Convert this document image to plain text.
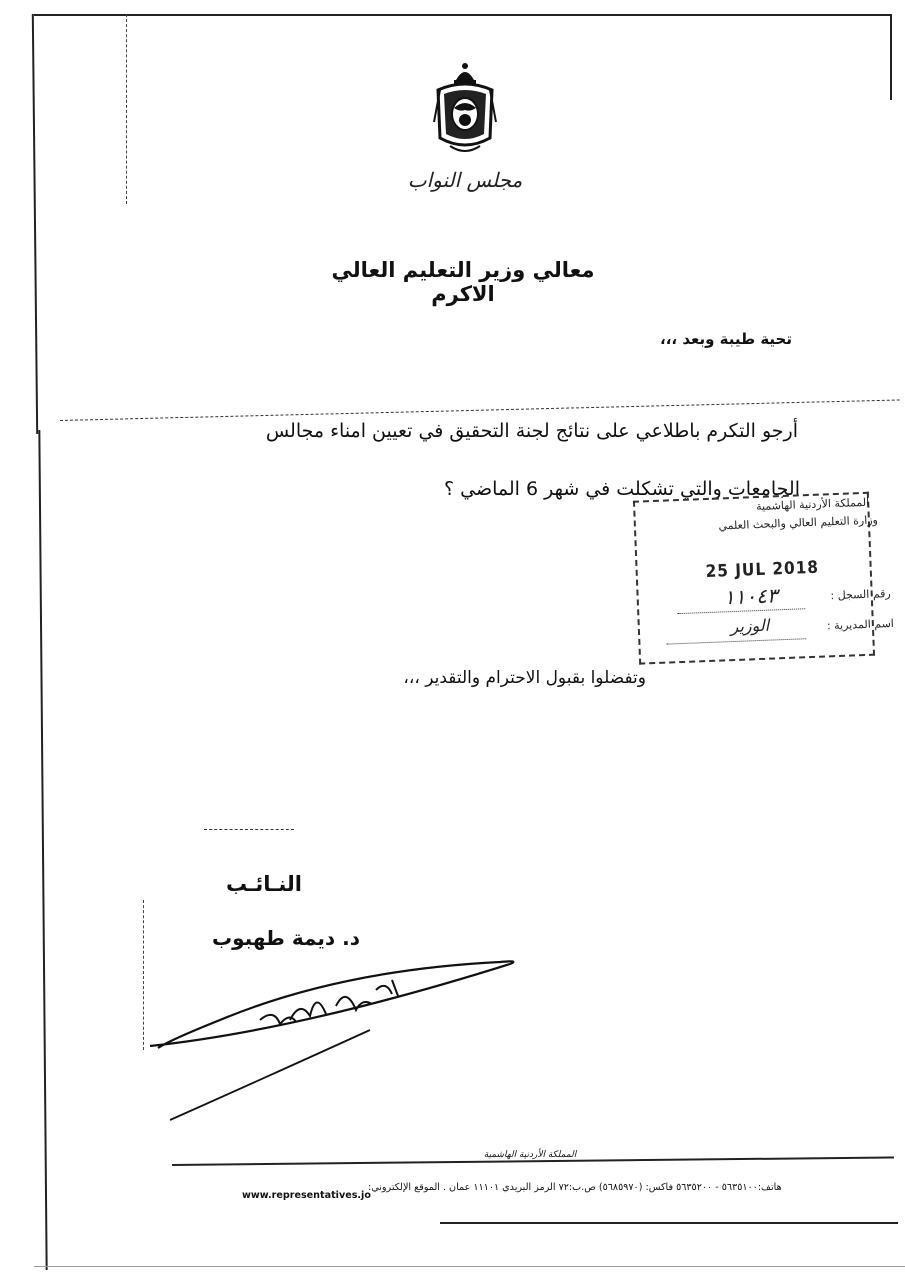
مجلس النواب
معالي وزير التعليم العالي الاكرم
تحية طيبة وبعد ،،،
أرجو التكرم باطلاعي على نتائج لجنة التحقيق في تعيين امناء مجالس
الجامعات والتي تشكلت في شهر 6 الماضي ؟
المملكة الأردنية الهاشمية
وزارة التعليم العالي والبحث العلمي
25 JUL 2018
رقم السجل :
١١٠٤٣
اسم المديرية :
الوزير
وتفضلوا بقبول الاحترام والتقدير ،،،
النـائـب
د. ديمة طهبوب
المملكة الأردنية الهاشمية
هاتف:٥٦٣٥١٠٠ - ٥٦٣٥٢٠٠ فاكس: (٥٦٨٥٩٧٠) ص.ب:٧٢ الرمز البريدي ١١١٠١ عمان . الموقع الإلكتروني:
www.representatives.jo
